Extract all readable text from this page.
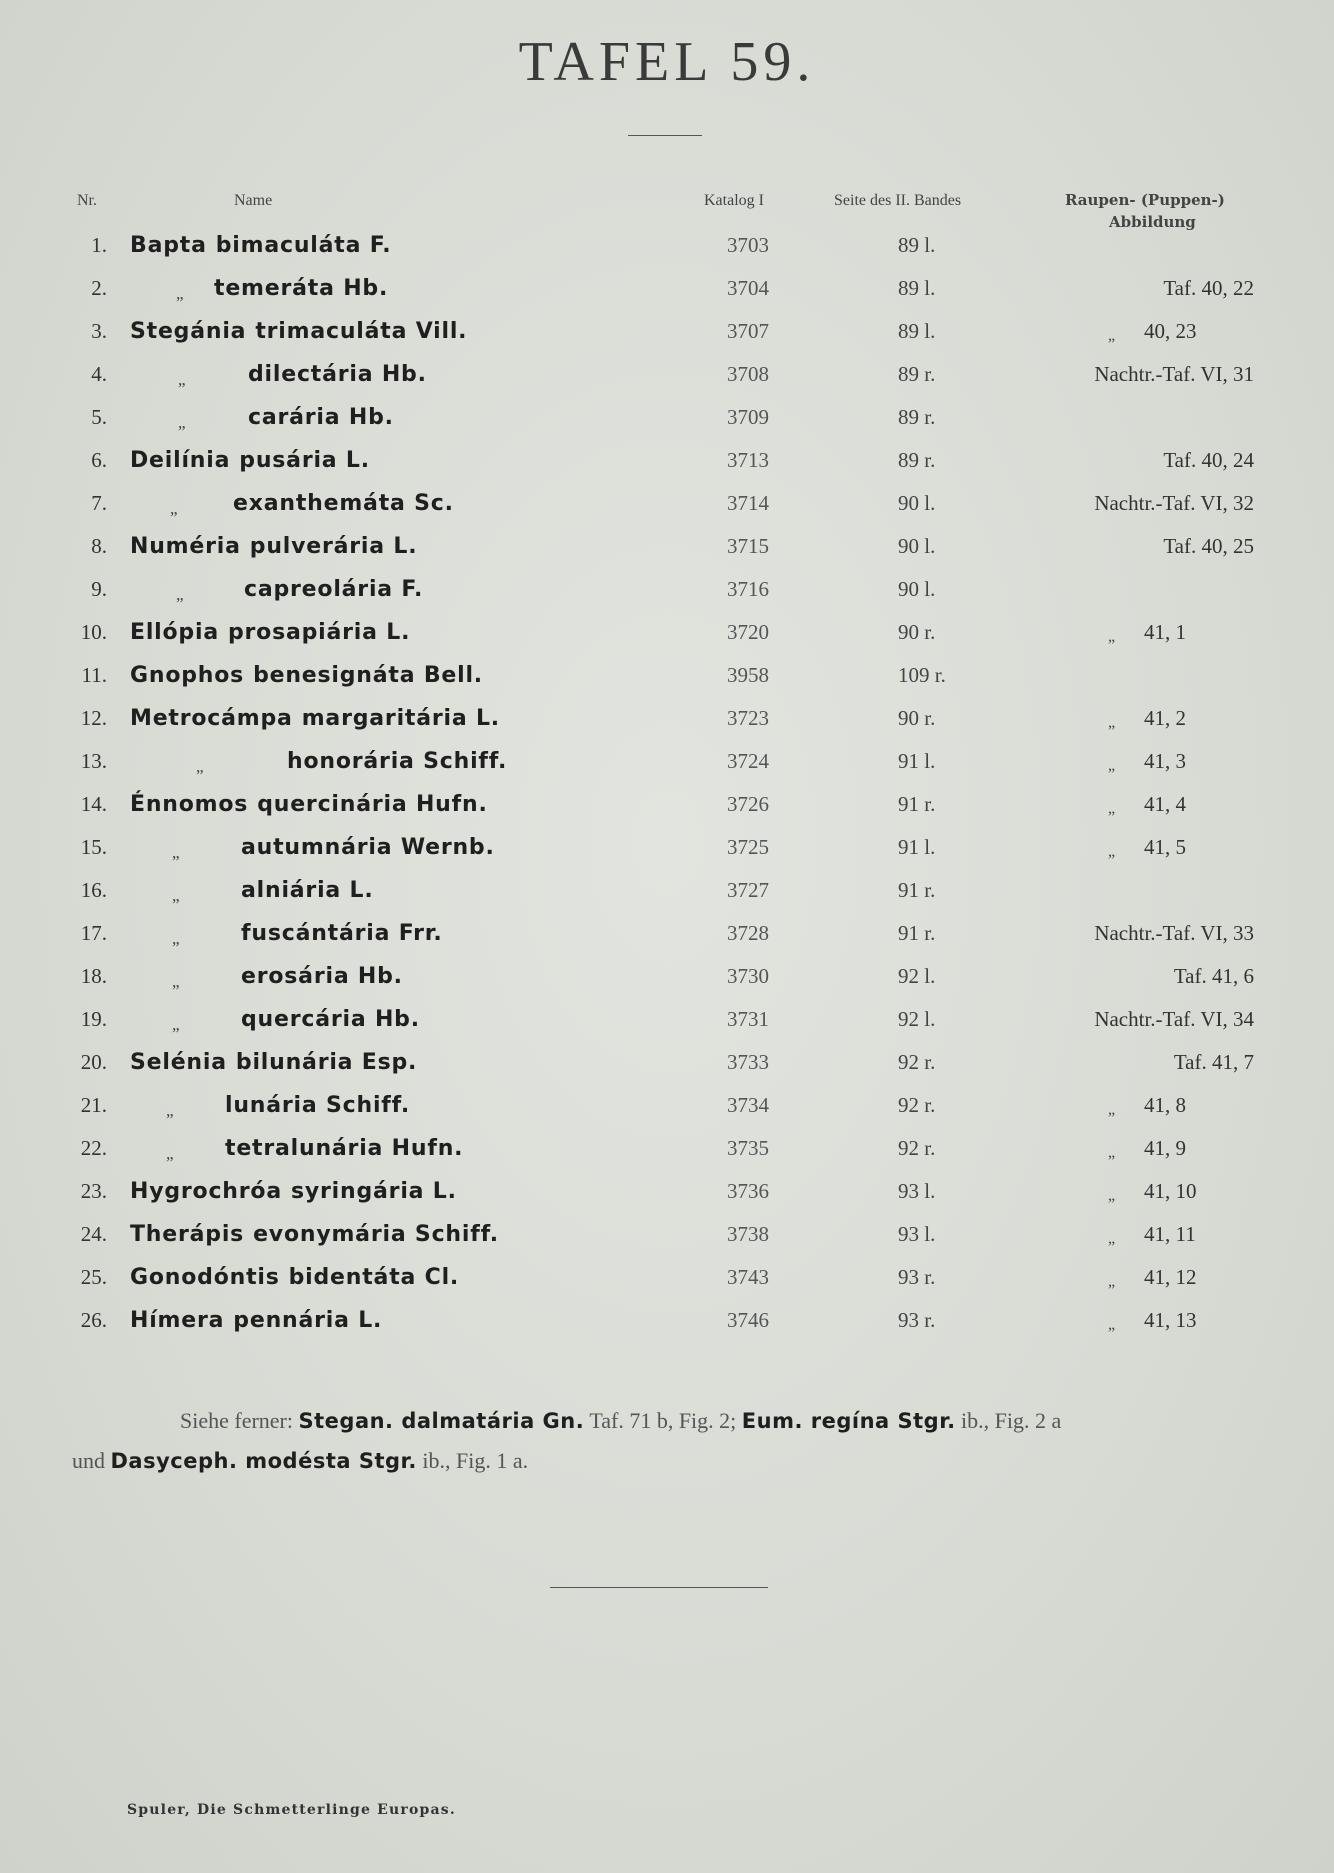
TAFEL 59.
Nr.	Name	Katalog I	Seite des II. Bandes	Raupen- (Puppen-)
Abbildung
1. Bapta bimaculáta F.	3703	89 l.
2.	„ temeráta Hb.	3704	89 l.	Taf. 40, 22
3. Stegánia trimaculáta Vill.	3707	89 l.	„ 40, 23
4.	„	dilectária Hb.	3708	89 r.	Nachtr.-Taf. VI, 31
5.	„	carária Hb.	3709	89 r.
6. Deilínia pusária L.	3713	89 r.	Taf. 40, 24
7.	„	exanthemáta Sc.	3714	90 l.	Nachtr.-Taf. VI, 32
8. Numéria pulverária L.	3715	90 l.	Taf. 40, 25
9.	„	capreolária F.	3716	90 l.
10. Ellópia prosapiária L.	3720	90 r.	„ 41, 1
11. Gnophos benesignáta Bell.	3958	109 r.
12. Metrocámpa margaritária L.	3723	90 r.	„ 41, 2
13.	„	honorária Schiff.	3724	91 l.	„ 41, 3
14. Énnomos quercinária Hufn.	3726	91 r.	„ 41, 4
15.	„	autumnária Wernb.	3725	91 l.	„ 41, 5
16.	„	alniária L.	3727	91 r.
17.	„	fuscántária Frr.	3728	91 r.	Nachtr.-Taf. VI, 33
18.	„	erosária Hb.	3730	92 l.	Taf. 41, 6
19.	„	quercária Hb.	3731	92 l.	Nachtr.-Taf. VI, 34
20. Selénia bilunária Esp.	3733	92 r.	Taf. 41, 7
21.	„ lunária Schiff.	3734	92 r.	„ 41, 8
22.	„ tetralunária Hufn.	3735	92 r.	„ 41, 9
23. Hygrochróa syringária L.	3736	93 l.	„ 41, 10
24. Therápis evonymária Schiff.	3738	93 l.	„ 41, 11
25. Gonodóntis bidentáta Cl.	3743	93 r.	„ 41, 12
26. Hímera pennária L.	3746	93 r.	„ 41, 13
Siehe ferner: Stegan. dalmatária Gn. Taf. 71 b, Fig. 2; Eum. regína Stgr. ib., Fig. 2 a
und Dasyceph. modésta Stgr. ib., Fig. 1 a.
Spuler, Die Schmetterlinge Europas.
